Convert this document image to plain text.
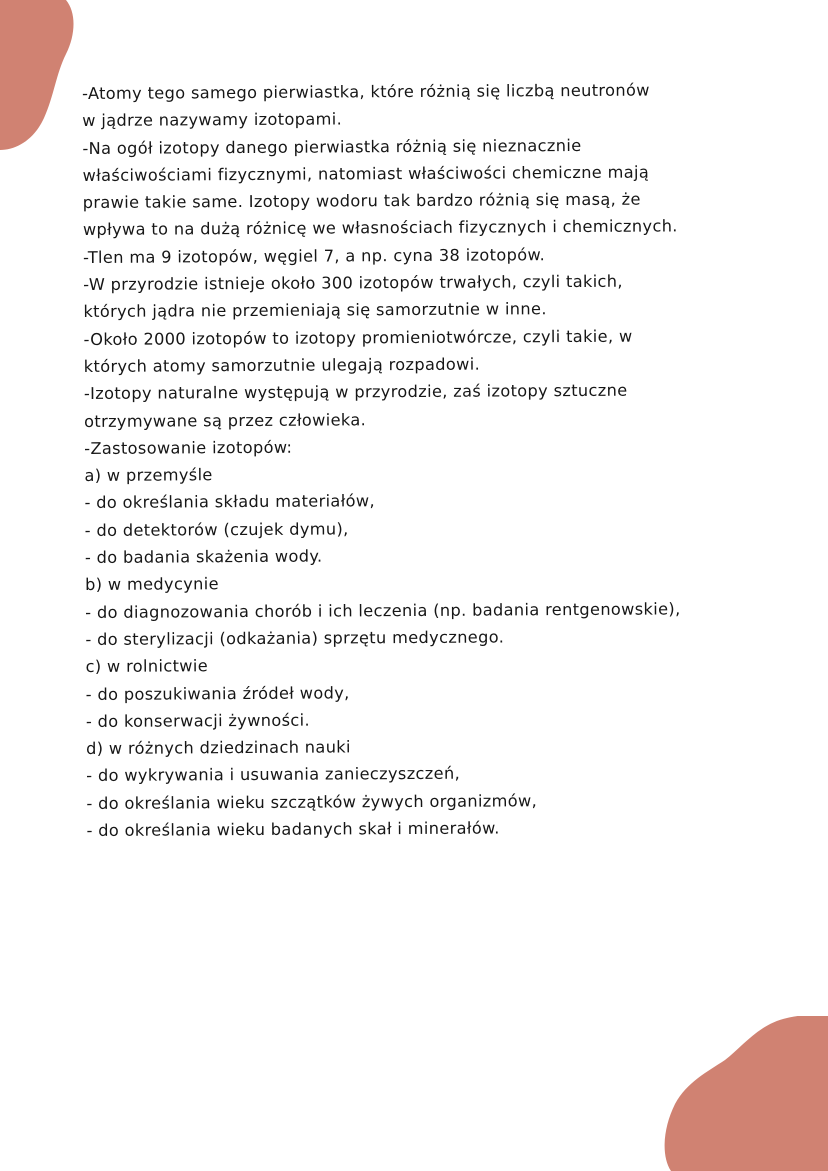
-Atomy tego samego pierwiastka, które różnią się liczbą neutronów
w jądrze nazywamy izotopami.
-Na ogół izotopy danego pierwiastka różnią się nieznacznie
właściwościami fizycznymi, natomiast właściwości chemiczne mają
prawie takie same. Izotopy wodoru tak bardzo różnią się masą, że
wpływa to na dużą różnicę we własnościach fizycznych i chemicznych.
-Tlen ma 9 izotopów, węgiel 7, a np. cyna 38 izotopów.
-W przyrodzie istnieje około 300 izotopów trwałych, czyli takich,
których jądra nie przemieniają się samorzutnie w inne.
-Około 2000 izotopów to izotopy promieniotwórcze, czyli takie, w
których atomy samorzutnie ulegają rozpadowi.
-Izotopy naturalne występują w przyrodzie, zaś izotopy sztuczne
otrzymywane są przez człowieka.
-Zastosowanie izotopów:
a) w przemyśle
- do określania składu materiałów,
- do detektorów (czujek dymu),
- do badania skażenia wody.
b) w medycynie
- do diagnozowania chorób i ich leczenia (np. badania rentgenowskie),
- do sterylizacji (odkażania) sprzętu medycznego.
c) w rolnictwie
- do poszukiwania źródeł wody,
- do konserwacji żywności.
d) w różnych dziedzinach nauki
- do wykrywania i usuwania zanieczyszczeń,
- do określania wieku szczątków żywych organizmów,
- do określania wieku badanych skał i minerałów.
